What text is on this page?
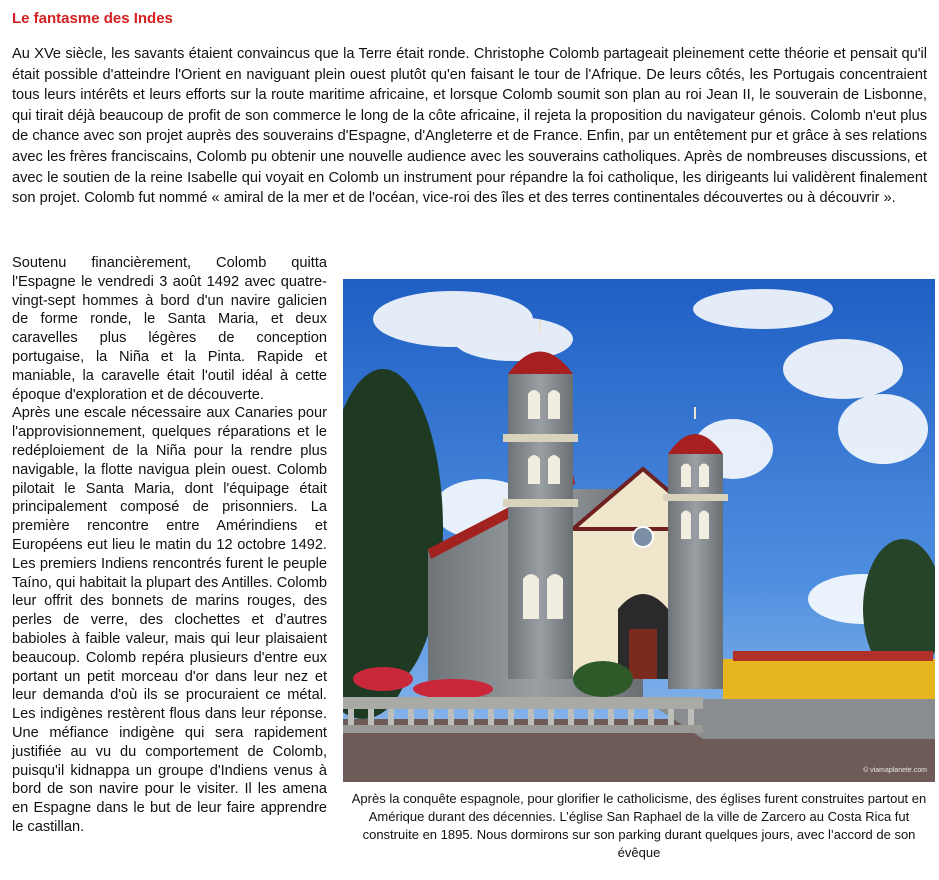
Le fantasme des Indes
Au XVe siècle, les savants étaient convaincus que la Terre était ronde. Christophe Colomb partageait pleinement cette théorie et pensait qu'il était possible d'atteindre l'Orient en naviguant plein ouest plutôt qu'en faisant le tour de l'Afrique. De leurs côtés, les Portugais concentraient tous leurs intérêts et leurs efforts sur la route maritime africaine, et lorsque Colomb soumit son plan au roi Jean II, le souverain de Lisbonne, qui tirait déjà beaucoup de profit de son commerce le long de la côte africaine, il rejeta la proposition du navigateur génois. Colomb n'eut plus de chance avec son projet auprès des souverains d'Espagne, d'Angleterre et de France. Enfin, par un entêtement pur et grâce à ses relations avec les frères franciscains, Colomb pu obtenir une nouvelle audience avec les souverains catholiques. Après de nombreuses discussions, et avec le soutien de la reine Isabelle qui voyait en Colomb un instrument pour répandre la foi catholique, les dirigeants lui validèrent finalement son projet. Colomb fut nommé « amiral de la mer et de l'océan, vice-roi des îles et des terres continentales découvertes ou à découvrir ».

Soutenu financièrement, Colomb quitta l'Espagne le vendredi 3 août 1492 avec quatre-vingt-sept hommes à bord d'un navire galicien de forme ronde, le Santa Maria, et deux caravelles plus légères de conception portugaise, la Niña et la Pinta. Rapide et maniable, la caravelle était l'outil idéal à cette époque d'exploration et de découverte.

Après une escale nécessaire aux Canaries pour l'approvisionnement, quelques réparations et le redéploiement de la Niña pour la rendre plus navigable, la flotte navigua plein ouest. Colomb pilotait le Santa Maria, dont l'équipage était principalement composé de prisonniers. La première rencontre entre Amérindiens et Européens eut lieu le matin du 12 octobre 1492. Les premiers Indiens rencontrés furent le peuple Taíno, qui habitait la plupart des Antilles. Colomb leur offrit des bonnets de marins rouges, des perles de verre, des clochettes et d’autres babioles à faible valeur, mais qui leur plaisaient beaucoup. Colomb repéra plusieurs d'entre eux portant un petit morceau d'or dans leur nez et leur demanda d'où ils se procuraient ce métal. Les indigènes restèrent flous dans leur réponse. Une méfiance indigène qui sera rapidement justifiée au vu du comportement de Colomb, puisqu'il kidnappa un groupe d'Indiens venus à bord de son navire pour le visiter. Il les amena en Espagne dans le but de leur faire apprendre le castillan.

© viamaplanete.com
Après la conquête espagnole, pour glorifier le catholicisme, des églises furent construites partout en Amérique durant des décennies. L’église San Raphael de la ville de Zarcero au Costa Rica fut construite en 1895. Nous dormirons sur son parking durant quelques jours, avec l’accord de son évêque
